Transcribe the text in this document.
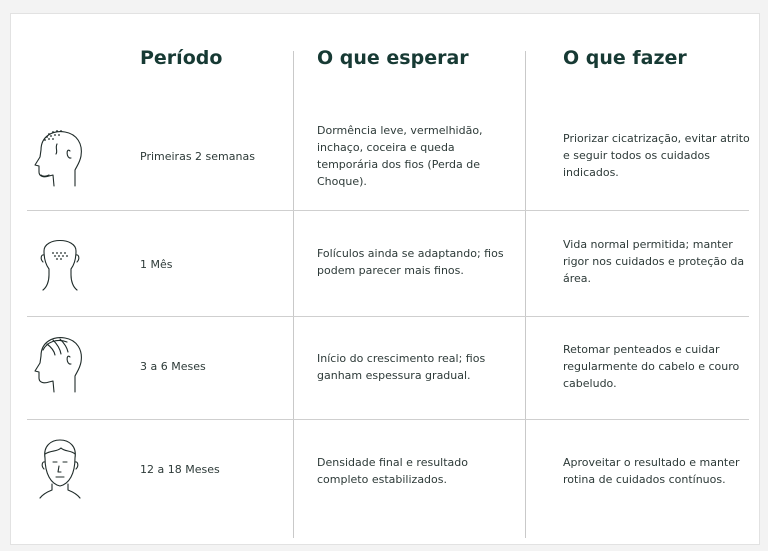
Período	O que esperar	O que fazer
Primeiras 2 semanas
Dormência leve, vermelhidão, inchaço, coceira e queda temporária dos fios (Perda de Choque).
Priorizar cicatrização, evitar atrito e seguir todos os cuidados indicados.
1 Mês
Folículos ainda se adaptando; fios podem parecer mais finos.
Vida normal permitida; manter rigor nos cuidados e proteção da área.
3 a 6 Meses
Início do crescimento real; fios ganham espessura gradual.
Retomar penteados e cuidar regularmente do cabelo e couro cabeludo.
12 a 18 Meses
Densidade final e resultado completo estabilizados.
Aproveitar o resultado e manter rotina de cuidados contínuos.
